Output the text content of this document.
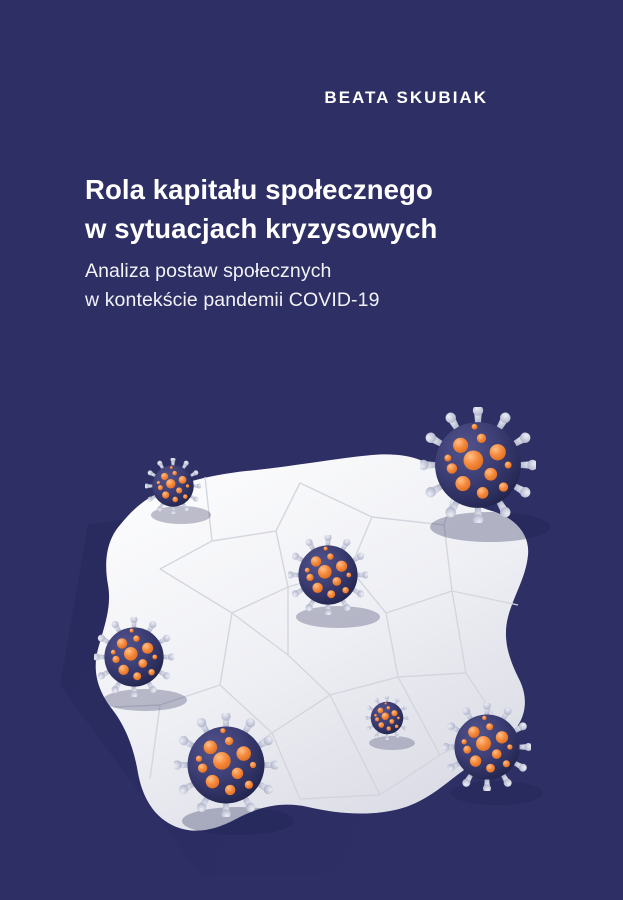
BEATA SKUBIAK
Rola kapitału społecznego
w sytuacjach kryzysowych
Analiza postaw społecznych
w kontekście pandemii COVID-19
